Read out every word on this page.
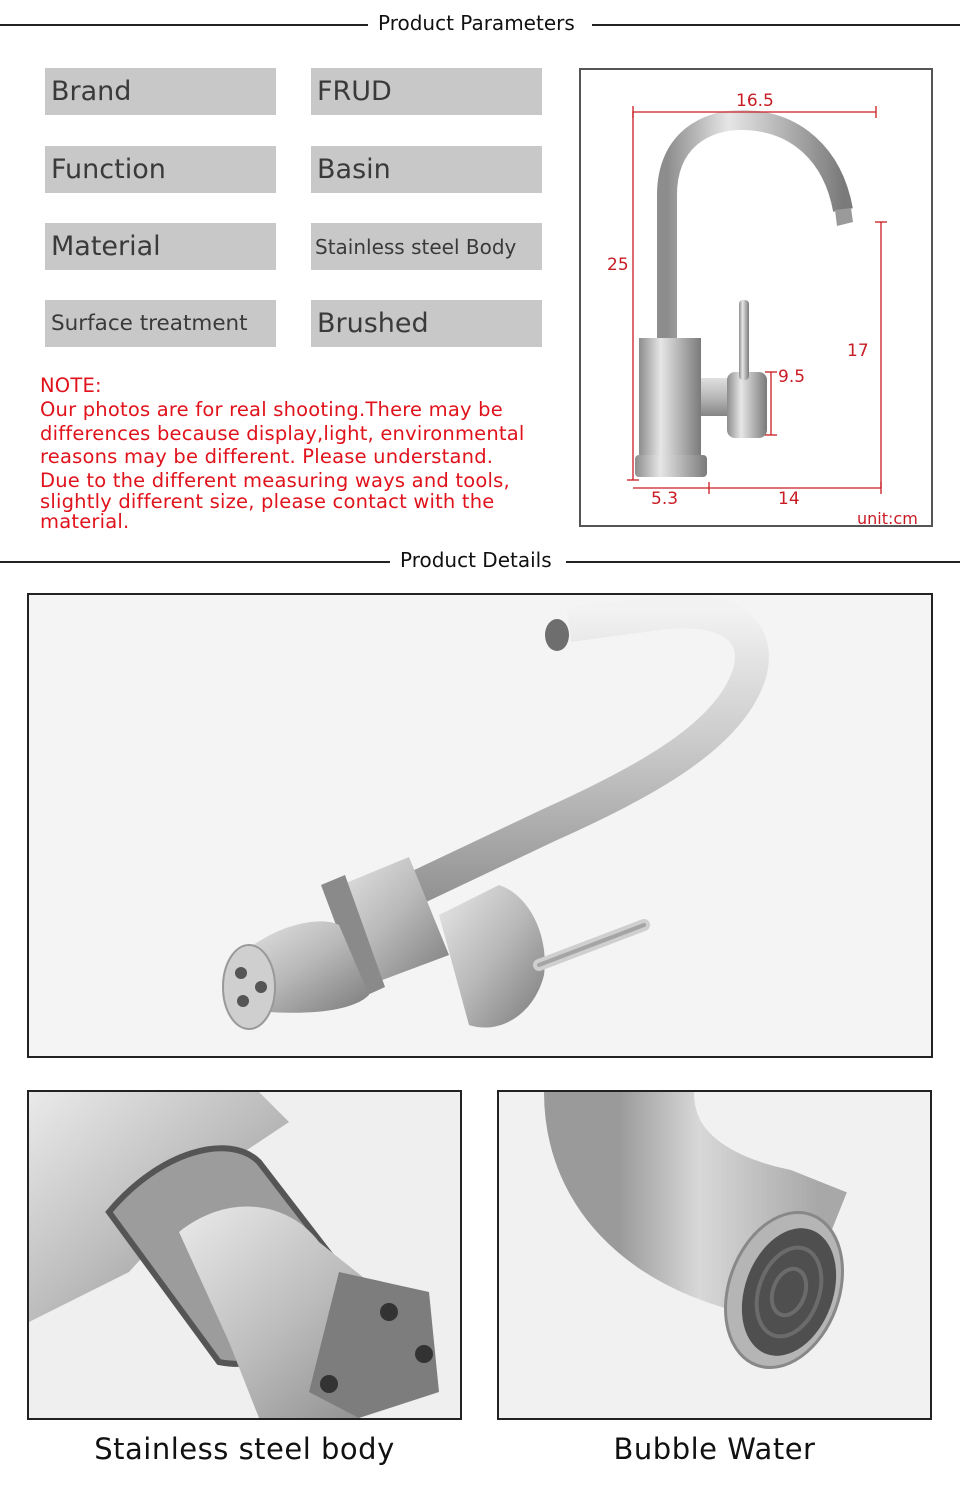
Product Parameters
Brand	FRUD
Function	Basin
Material	Stainless steel Body
Surface treatment	Brushed
NOTE:
Our photos are for real shooting.There may be
differences because display,light, environmental
reasons may be different. Please understand.
Due to the different measuring ways and tools,
slightly different size, please contact with the
material.
16.5
25
17
9.5
5.3	14
unit:cm
Product Details
Stainless steel body	Bubble Water
